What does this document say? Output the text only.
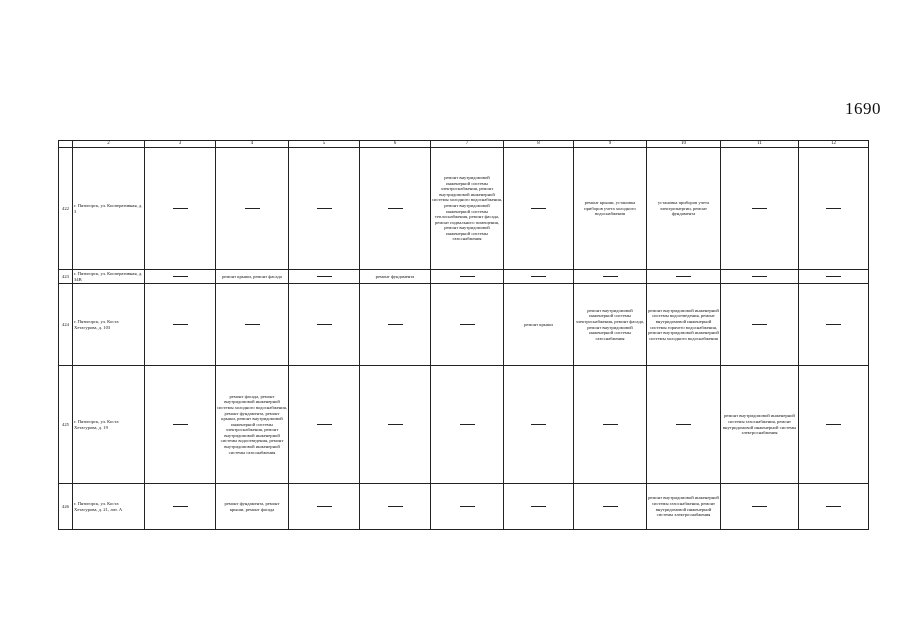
1690
	2	3	4	5	6	7	8	9	10	11	12
422	г. Пятигорск, ул. Кооперативная, д. 3					ремонт внутридомовой инженерной системы электроснабжения, ремонт внутридомовой инженерной системы холодного водоснабжения, ремонт внутридомовой инженерной системы теплоснабжения, ремонт фасада, ремонт подвального помещения, ремонт внутридомовой инженерной системы газоснабжения		ремонт крыши, установка приборов учета холодного водоснабжения	установка приборов учета электроэнергии, ремонт фундамента		
423	г. Пятигорск, ул. Кооперативная, д. 34В		ремонт крыши, ремонт фасада		ремонт фундамента						
424	г. Пятигорск, ул. Коста Хетагурова, д. 103						ремонт крыши	ремонт внутридомовой инженерной системы электроснабжения, ремонт фасада, ремонт внутридомовой инженерной системы газоснабжения	ремонт внутридомовой инженерной системы водоотведения, ремонт внутридомовой инженерной системы горячего водоснабжения, ремонт внутридомовой инженерной системы холодного водоснабжения		
425	г. Пятигорск, ул. Коста Хетагурова, д. 19		ремонт фасада, ремонт внутридомовой инженерной системы холодного водоснабжения, ремонт фундамента, ремонт крыши, ремонт внутридомовой инженерной системы электроснабжения, ремонт внутридомовой инженерной системы водоотведения, ремонт внутридомовой инженерной системы газоснабжения							ремонт внутридомовой инженерной системы газоснабжения, ремонт внутридомовой инженерной системы электроснабжения	
426	г. Пятигорск, ул. Коста Хетагурова, д. 21, лит. А		ремонт фундамента, ремонт крыши, ремонт фасада						ремонт внутридомовой инженерной системы газоснабжения, ремонт внутридомовой инженерной системы электроснабжения		
